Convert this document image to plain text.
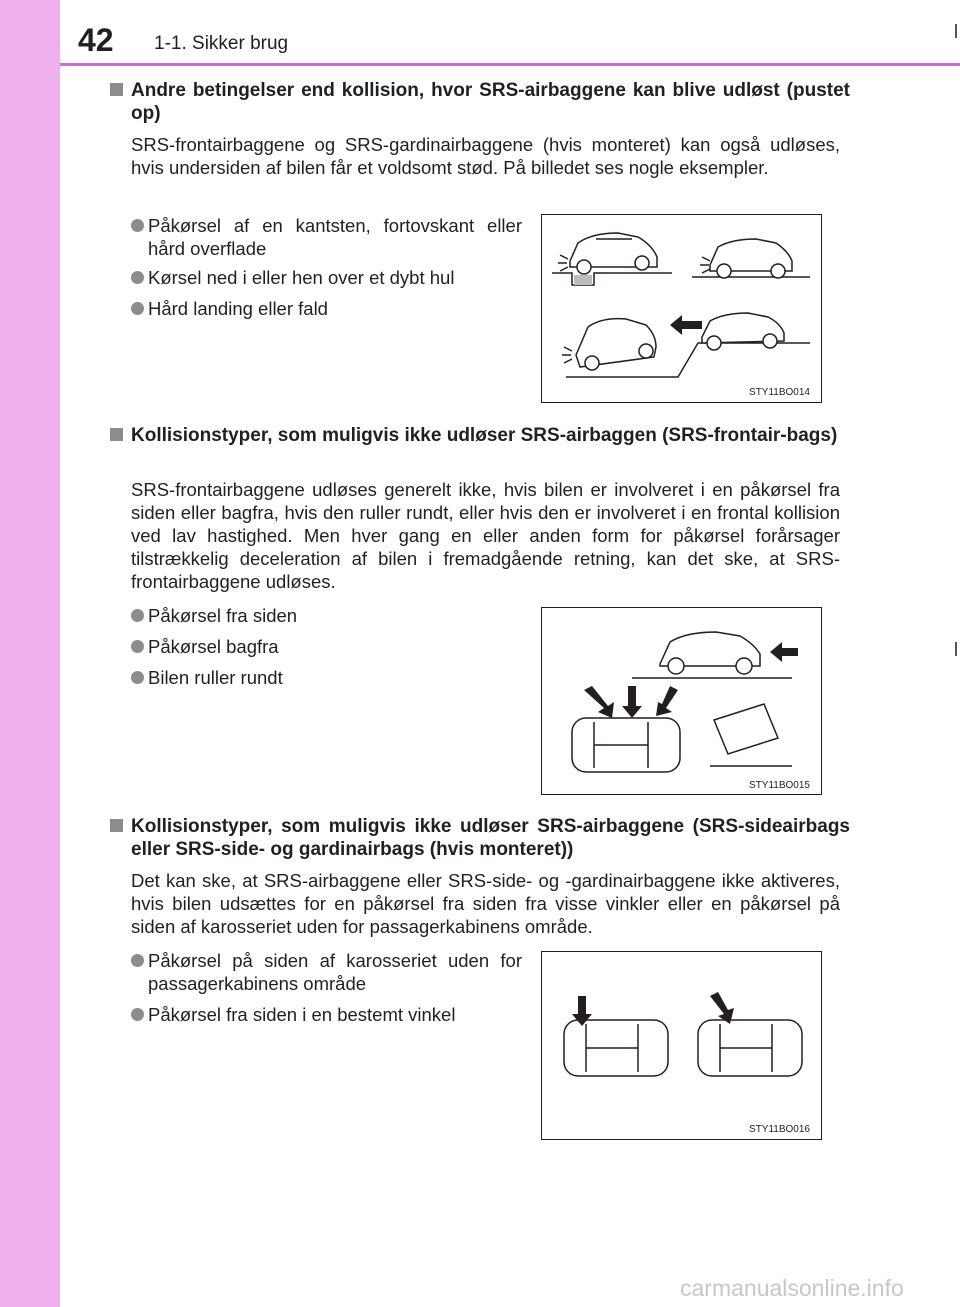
42 1-1. Sikker brug
Andre betingelser end kollision, hvor SRS-airbaggene kan blive udløst (pustet op)
SRS-frontairbaggene og SRS-gardinairbaggene (hvis monteret) kan også udløses, hvis undersiden af bilen får et voldsomt stød. På billedet ses nogle eksempler.
Påkørsel af en kantsten, fortovskant eller hård overflade
Kørsel ned i eller hen over et dybt hul
Hård landing eller fald
STY11BO014
Kollisionstyper, som muligvis ikke udløser SRS-airbaggen (SRS-frontair-bags)
SRS-frontairbaggene udløses generelt ikke, hvis bilen er involveret i en påkørsel fra siden eller bagfra, hvis den ruller rundt, eller hvis den er involveret i en frontal kollision ved lav hastighed. Men hver gang en eller anden form for påkørsel forårsager tilstrækkelig deceleration af bilen i fremadgående retning, kan det ske, at SRS-frontairbaggene udløses.
Påkørsel fra siden
Påkørsel bagfra
Bilen ruller rundt
STY11BO015
Kollisionstyper, som muligvis ikke udløser SRS-airbaggene (SRS-sideairbags eller SRS-side- og gardinairbags (hvis monteret))
Det kan ske, at SRS-airbaggene eller SRS-side- og -gardinairbaggene ikke aktiveres, hvis bilen udsættes for en påkørsel fra siden fra visse vinkler eller en påkørsel på siden af karosseriet uden for passagerkabinens område.
Påkørsel på siden af karosseriet uden for passagerkabinens område
Påkørsel fra siden i en bestemt vinkel
STY11BO016
carmanualsonline.info
